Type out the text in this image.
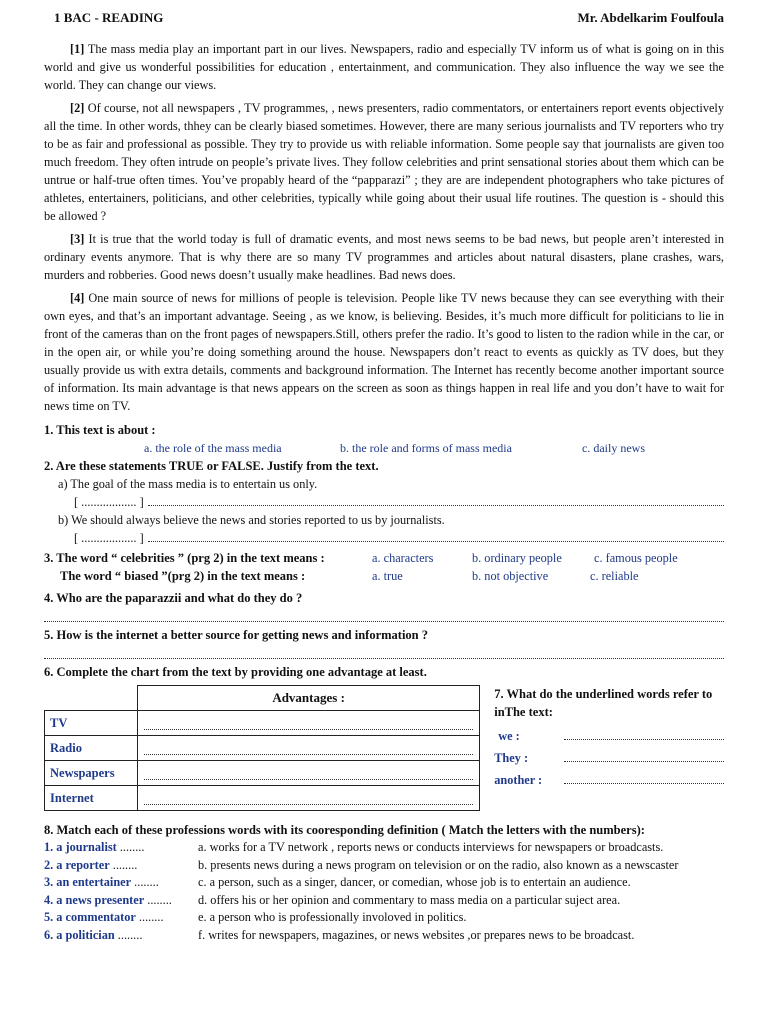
1 BAC - READING	Mr. Abdelkarim Foulfoula

[1] The mass media play an important part in our lives. Newspapers, radio and especially TV inform us of what is going on in this world and give us wonderful possibilities for education , entertainment, and communication. They also influence the way we see the world. They can change our views.

[2] Of course, not all newspapers , TV programmes, , news presenters, radio commentators, or entertainers report events objectively all the time. In other words, thhey can be clearly biased sometimes. However, there are many serious journalists and TV reporters who try to be as fair and professional as possible. They try to provide us with reliable information. Some people say that journalists are given too much freedom. They often intrude on people’s private lives. They follow celebrities and print sensational stories about them which can be untrue or half-true often times. You’ve propably heard of the “papparazi” ; they are are independent photographers who take pictures of athletes, entertainers, politicians, and other celebrities, typically while going about their usual life routines. The question is - should this be allowed ?

[3] It is true that the world today is full of dramatic events, and most news seems to be bad news, but people aren’t interested in ordinary events anymore. That is why there are so many TV programmes and articles about natural disasters, plane crashes, wars, murders and robberies. Good news doesn’t usually make headlines. Bad news does.

[4] One main source of news for millions of people is television. People like TV news because they can see everything with their own eyes, and that’s an important advantage. Seeing , as we know, is believing. Besides, it’s much more difficult for politicians to lie in front of the cameras than on the front pages of newspapers.Still, others prefer the radio. It’s good to listen to the radion while in the car, or in the open air, or while you’re doing something around the house. Newspapers don’t react to events as quickly as TV does, but they usually provide us with extra details, comments and background information. The Internet has recently become another important source of information. Its main advantage is that news appears on the screen as soon as things happen in real life and you don’t have to wait for news time on TV.

1. This text is about :
a. the role of the mass media	b. the role and forms of mass media	c. daily news
2. Are these statements TRUE or FALSE. Justify from the text.
a) The goal of the mass media is to entertain us only.
[ .................. ]
b) We should always believe the news and stories reported to us by journalists.
[ .................. ]
3. The word “ celebrities ” (prg 2) in the text means :	a. characters	b. ordinary people	c. famous people
The word “ biased ”(prg 2) in the text means :	a. true	b. not objective	c. reliable
4. Who are the paparazzii and what do they do ?
5. How is the internet a better source for getting news and information ?
6. Complete the chart from the text by providing one advantage at least.
	Advantages :
TV	

Radio	

Newspapers	

Internet	
7. What do the underlined words refer to inThe text:
we :
They :
another :
8. Match each of these professions words with its cooresponding definition ( Match the letters with the numbers):
1. a journalist ........	a. works for a TV network , reports news or conducts interviews for newspapers or broadcasts.
2. a reporter ........	b. presents news during a news program on television or on the radio, also known as a newscaster
3. an entertainer ........	c. a person, such as a singer, dancer, or comedian, whose job is to entertain an audience.
4. a news presenter ........	d. offers his or her opinion and commentary to mass media on a particular suject area.
5. a commentator ........	e. a person who is professionally involoved in politics.
6. a politician ........	f. writes for newspapers, magazines, or news websites ,or prepares news to be broadcast.
